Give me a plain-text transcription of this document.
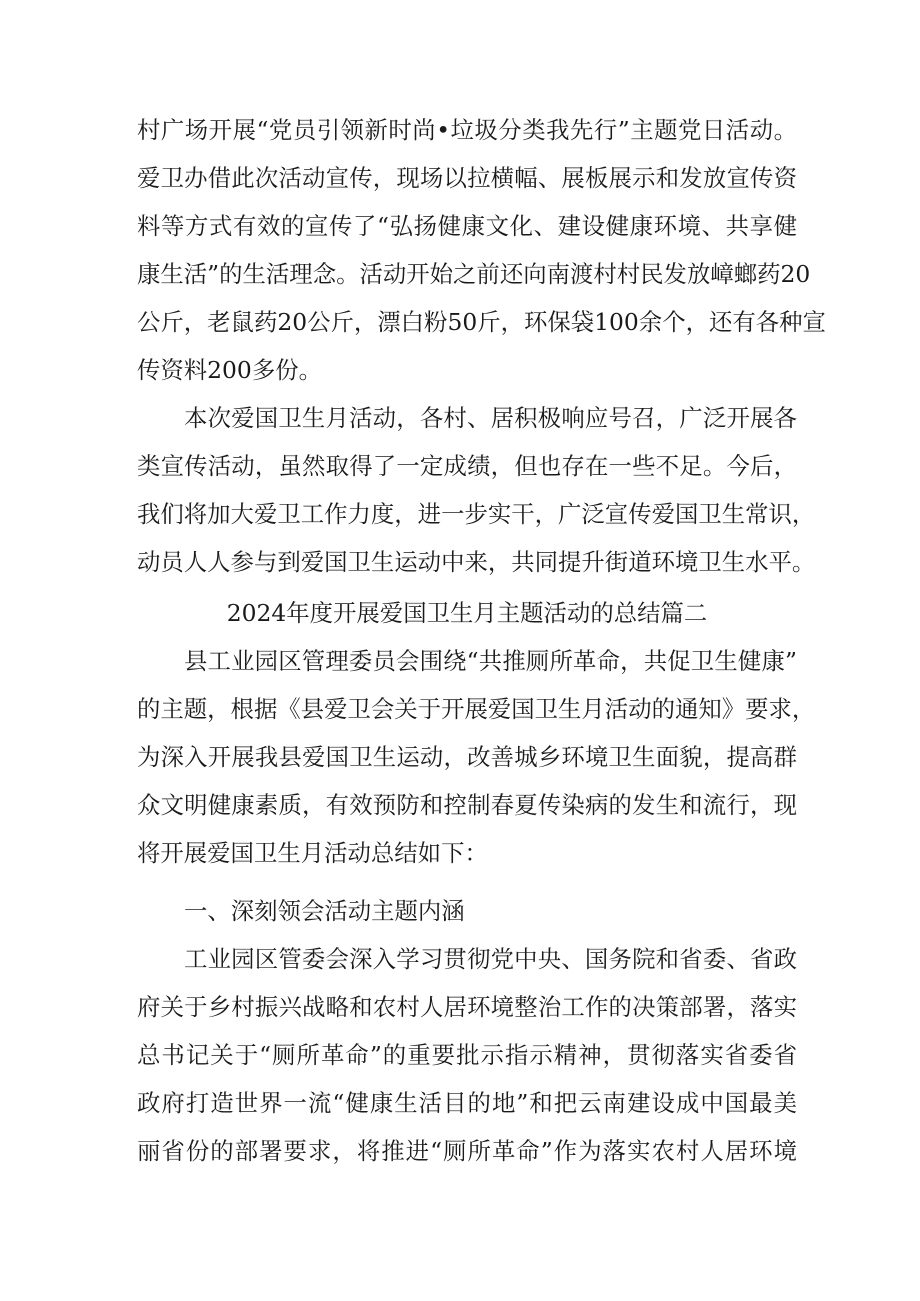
村广场开展“党员引领新时尚•垃圾分类我先行”主题党日活动。
爱卫办借此次活动宣传，现场以拉横幅、展板展示和发放宣传资
料等方式有效的宣传了“弘扬健康文化、建设健康环境、共享健
康生活”的生活理念。活动开始之前还向南渡村村民发放嶂螂药20
公斤，老鼠药20公斤，漂白粉50斤，环保袋100余个，还有各种宣
传资料200多份。
本次爱国卫生月活动，各村、居积极响应号召，广泛开展各
类宣传活动，虽然取得了一定成绩，但也存在一些不足。今后，
我们将加大爱卫工作力度，进一步实干，广泛宣传爱国卫生常识，
动员人人参与到爱国卫生运动中来，共同提升街道环境卫生水平。
2024年度开展爱国卫生月主题活动的总结篇二
县工业园区管理委员会围绕“共推厕所革命，共促卫生健康”
的主题，根据《县爱卫会关于开展爱国卫生月活动的通知》要求，
为深入开展我县爱国卫生运动，改善城乡环境卫生面貌，提高群
众文明健康素质，有效预防和控制春夏传染病的发生和流行，现
将开展爱国卫生月活动总结如下：
一、深刻领会活动主题内涵
工业园区管委会深入学习贯彻党中央、国务院和省委、省政
府关于乡村振兴战略和农村人居环境整治工作的决策部署，落实
总书记关于“厕所革命”的重要批示指示精神，贯彻落实省委省
政府打造世界一流“健康生活目的地”和把云南建设成中国最美
丽省份的部署要求，将推进“厕所革命”作为落实农村人居环境
